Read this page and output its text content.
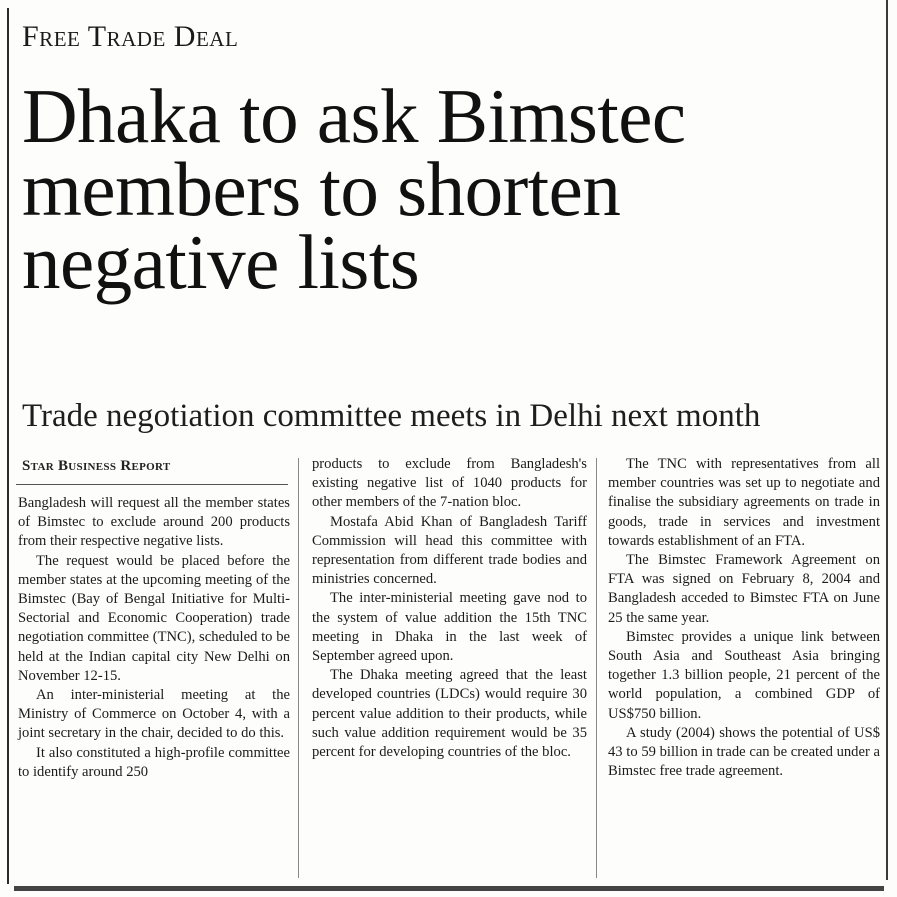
Free Trade Deal
Dhaka to ask Bimstec
members to shorten
negative lists
Trade negotiation committee meets in Delhi next month
Star Business Report

Bangladesh will request all the member states of Bimstec to exclude around 200 products from their respective negative lists.

The request would be placed before the member states at the upcoming meeting of the Bimstec (Bay of Bengal Initiative for Multi-Sectorial and Economic Cooperation) trade negotiation committee (TNC), scheduled to be held at the Indian capital city New Delhi on November 12-15.

An inter-ministerial meeting at the Ministry of Commerce on October 4, with a joint secretary in the chair, decided to do this.

It also constituted a high-profile committee to identify around 250

products to exclude from Bangladesh's existing negative list of 1040 products for other members of the 7-nation bloc.

Mostafa Abid Khan of Bangladesh Tariff Commission will head this committee with representation from different trade bodies and ministries concerned.

The inter-ministerial meeting gave nod to the system of value addition the 15th TNC meeting in Dhaka in the last week of September agreed upon.

The Dhaka meeting agreed that the least developed countries (LDCs) would require 30 percent value addition to their products, while such value addition requirement would be 35 percent for developing countries of the bloc.

The TNC with representatives from all member countries was set up to negotiate and finalise the subsidiary agreements on trade in goods, trade in services and investment towards establishment of an FTA.

The Bimstec Framework Agreement on FTA was signed on February 8, 2004 and Bangladesh acceded to Bimstec FTA on June 25 the same year.

Bimstec provides a unique link between South Asia and Southeast Asia bringing together 1.3 billion people, 21 percent of the world population, a combined GDP of US$750 billion.

A study (2004) shows the potential of US$ 43 to 59 billion in trade can be created under a Bimstec free trade agreement.
